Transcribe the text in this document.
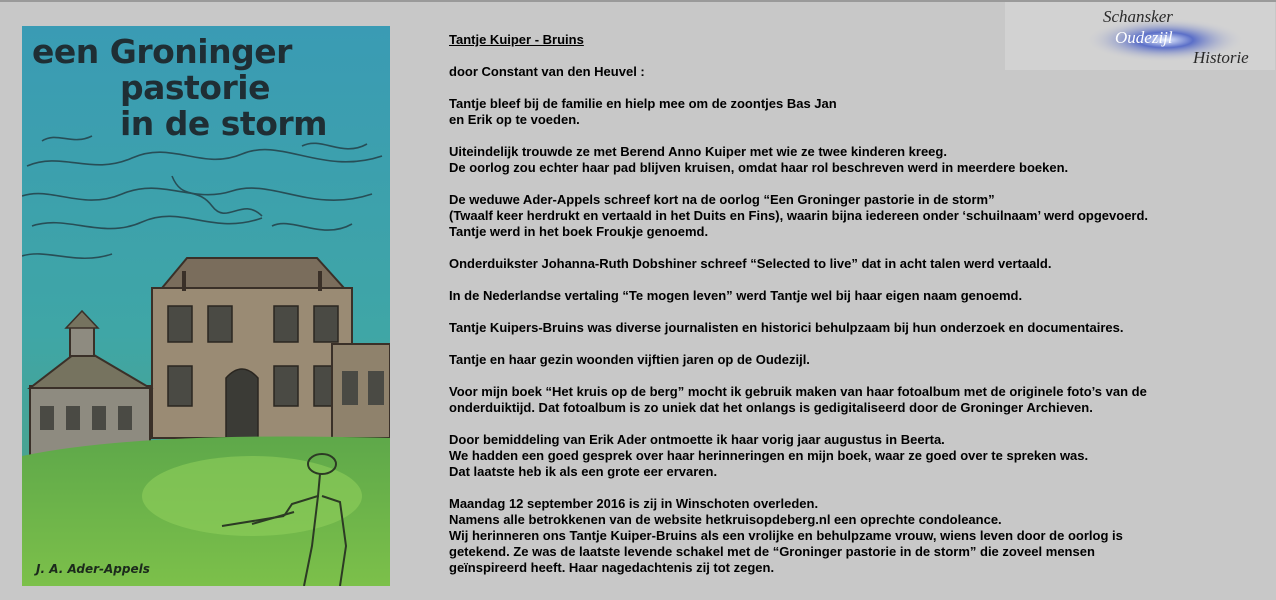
een Groninger
pastorie
in de storm
J. A. Ader-Appels
Schansker
Oudezijl
Historie
Tantje Kuiper - Bruins
door Constant van den Heuvel :
Tantje bleef bij de familie en hielp mee om de zoontjes Bas Jan
en Erik op te voeden.
Uiteindelijk trouwde ze met Berend Anno Kuiper met wie ze twee kinderen kreeg.
De oorlog zou echter haar pad blijven kruisen, omdat haar rol beschreven werd in meerdere boeken.
De weduwe Ader-Appels schreef kort na de oorlog “Een Groninger pastorie in de storm”
(Twaalf keer herdrukt en vertaald in het Duits en Fins), waarin bijna iedereen onder ‘schuilnaam’ werd opgevoerd.
Tantje werd in het boek Froukje genoemd.
Onderduikster Johanna-Ruth Dobshiner schreef “Selected to live” dat in acht talen werd vertaald.
In de Nederlandse vertaling “Te mogen leven” werd Tantje wel bij haar eigen naam genoemd.
Tantje Kuipers-Bruins was diverse journalisten en historici behulpzaam bij hun onderzoek en documentaires.
Tantje en haar gezin woonden vijftien jaren op de Oudezijl.
Voor mijn boek “Het kruis op de berg” mocht ik gebruik maken van haar fotoalbum met de originele foto’s van de
onderduiktijd. Dat fotoalbum is zo uniek dat het onlangs is gedigitaliseerd door de Groninger Archieven.
Door bemiddeling van Erik Ader ontmoette ik haar vorig jaar augustus in Beerta.
We hadden een goed gesprek over haar herinneringen en mijn boek, waar ze goed over te spreken was.
Dat laatste heb ik als een grote eer ervaren.
Maandag 12 september 2016 is zij in Winschoten overleden.
Namens alle betrokkenen van de website hetkruisopdeberg.nl een oprechte condoleance.
Wij herinneren ons Tantje Kuiper-Bruins als een vrolijke en behulpzame vrouw, wiens leven door de oorlog is
getekend. Ze was de laatste levende schakel met de “Groninger pastorie in de storm” die zoveel mensen
geïnspireerd heeft. Haar nagedachtenis zij tot zegen.
